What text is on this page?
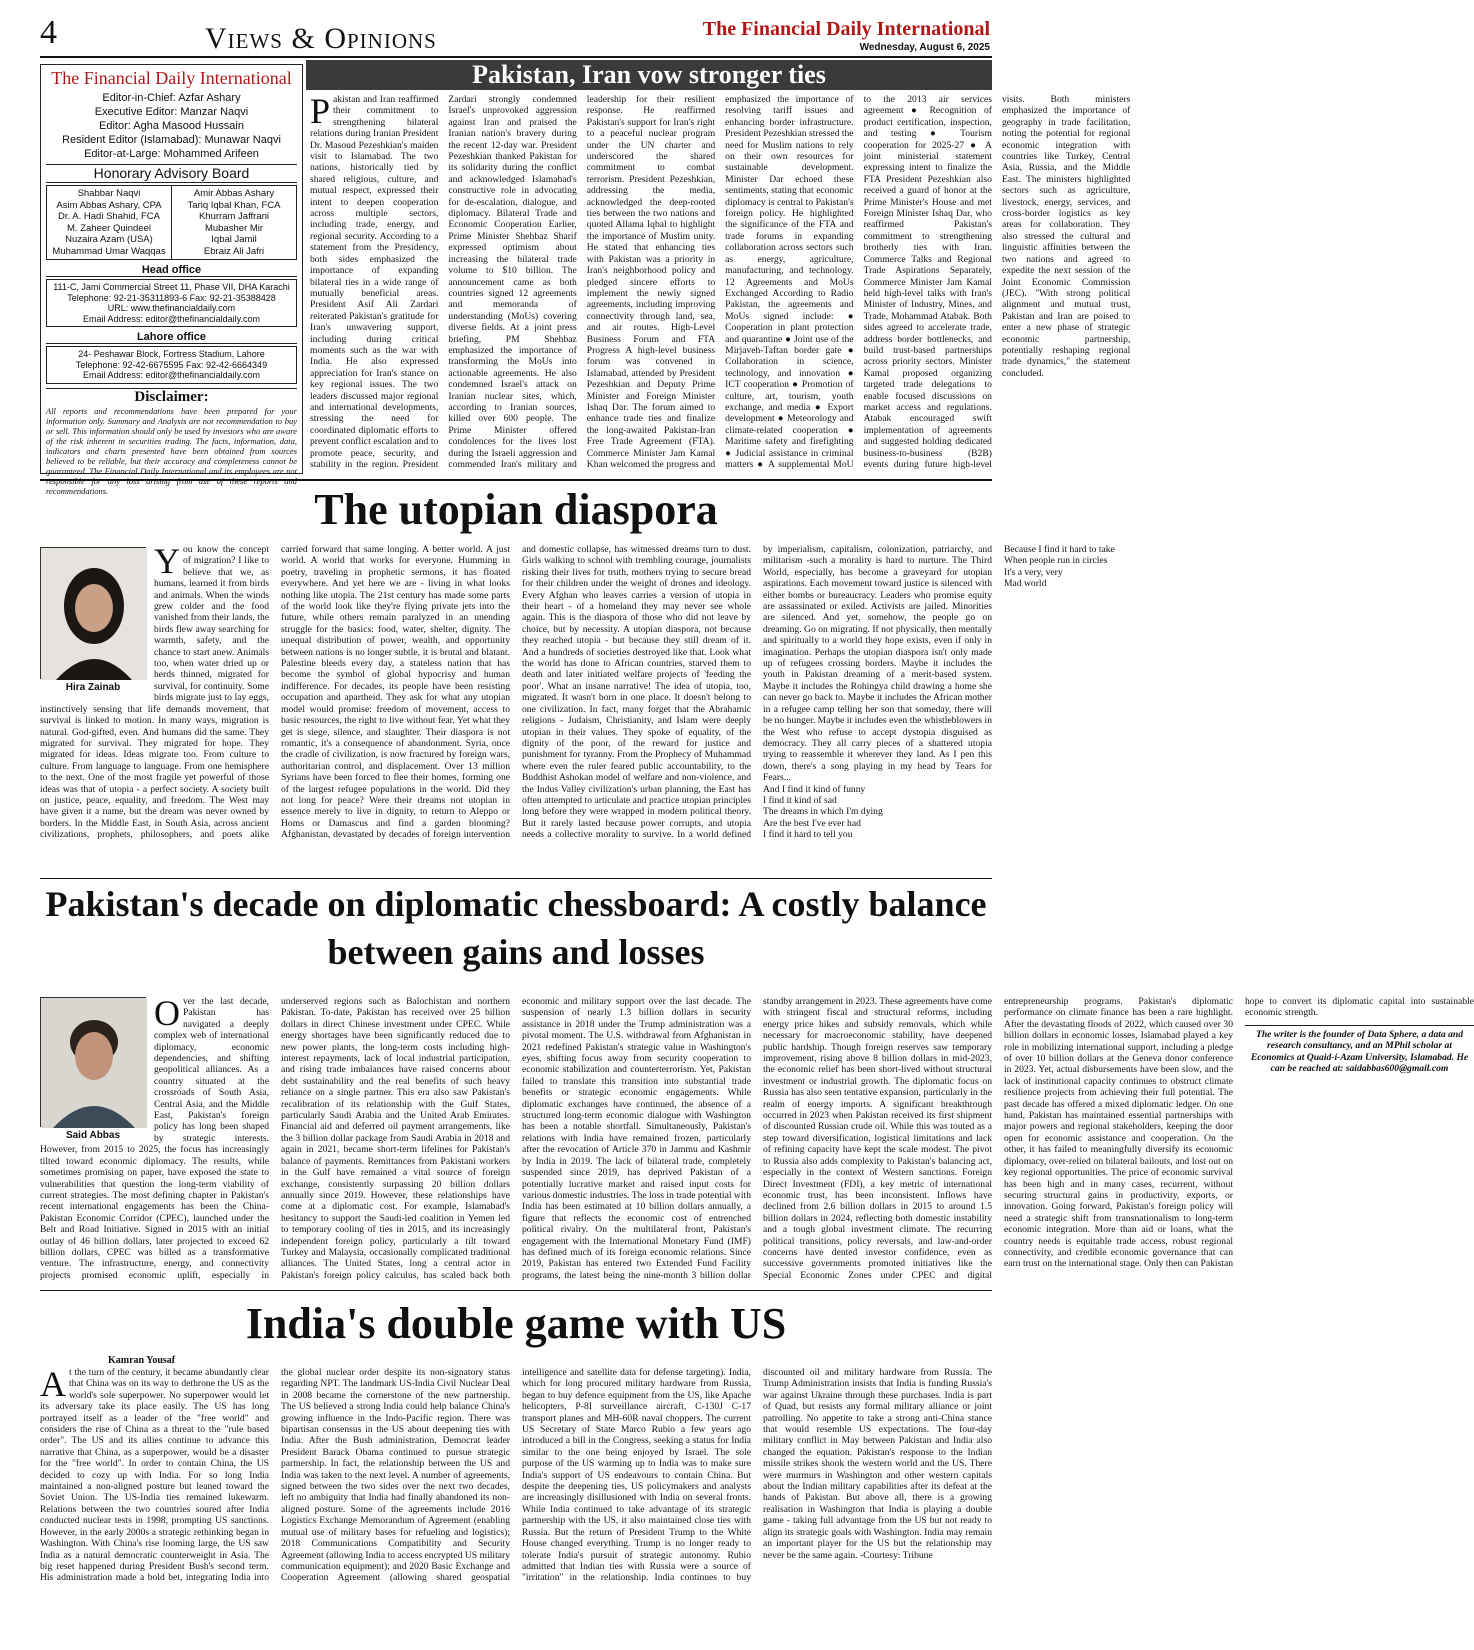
4	Views & Opinions	The Financial Daily International
Wednesday, August 6, 2025
The Financial Daily International
Editor-in-Chief: Azfar Ashary
Executive Editor: Manzar Naqvi
Editor: Agha Masood Hussain
Resident Editor (Islamabad): Munawar Naqvi
Editor-at-Large: Mohammed Arifeen
Honorary Advisory Board

Shabbar Naqvi

Asim Abbas Ashary, CPA

Dr. A. Hadi Shahid, FCA

M. Zaheer Quindeel

Nuzaira Azam (USA)

Muhammad Umar Waqqas

Amir Abbas Ashary

Tariq Iqbal Khan, FCA

Khurram Jaffrani

Mubasher Mir

Iqbal Jamil

Ebraiz Ali Jafri

Head office

111-C, Jami Commercial Street 11, Phase VII, DHA Karachi

Telephone: 92-21-35311893-6 Fax: 92-21-35388428

URL: www.thefinancialdaily.com

Email Address: editor@thefinancialdaily.com

Lahore office

24- Peshawar Block, Fortress Stadium, Lahore

Telephone: 92-42-6675595 Fax: 92-42-6664349

Email Address: editor@thefinancialdaily.com

Disclaimer:
All reports and recommendations have been prepared for your information only. Summary and Analysis are not recommendation to buy or sell. This information should only be used by investors who are aware of the risk inherent in securities trading. The facts, information, data, indicators and charts presented have been obtained from sources believed to be reliable, but their accuracy and completeness cannot be guaranteed. The Financial Daily International and its employees are not recommendations.
Pakistan, Iran vow stronger ties
Pakistan and Iran reaffirmed their commitment to strengthening bilateral relations during Iranian President Dr. Masoud Pezeshkian's maiden visit to Islamabad. The two nations, historically tied by shared religious, culture, and mutual respect, expressed their intent to deepen cooperation across multiple sectors, including trade, energy, and regional security. According to a statement from the Presidency, both sides emphasized the importance of expanding bilateral ties in a wide range of mutually beneficial areas. President Asif Ali Zardari reiterated Pakistan's gratitude for Iran's unwavering support, including during critical moments such as the war with India. He also expressed appreciation for Iran's stance on key regional issues. The two leaders discussed major regional and international developments, stressing the need for coordinated diplomatic efforts to prevent conflict escalation and to promote peace, security, and stability in the region. President Zardari strongly condemned Israel's unprovoked aggression against Iran and praised the Iranian nation's bravery during the recent 12-day war. President Pezeshkian thanked Pakistan for its solidarity during the conflict and acknowledged Islamabad's constructive role in advocating for de-escalation, dialogue, and diplomacy. Bilateral Trade and Economic Cooperation Earlier, Prime Minister Shehbaz Sharif expressed optimism about increasing the bilateral trade volume to $10 billion. The announcement came as both countries signed 12 agreements and memoranda of understanding (MoUs) covering diverse fields. At a joint press briefing, PM Shehbaz emphasized the importance of transforming the MoUs into actionable agreements. He also condemned Israel's attack on Iranian nuclear sites, which, according to Iranian sources, killed over 600 people. The Prime Minister offered condolences for the lives lost during the Israeli aggression and commended Iran's military and leadership for their resilient response. He reaffirmed Pakistan's support for Iran's right to a peaceful nuclear program under the UN charter and underscored the shared commitment to combat terrorism. President Pezeshkian, addressing the media, acknowledged the deep-rooted ties between the two nations and quoted Allama Iqbal to highlight the importance of Muslim unity. He stated that enhancing ties with Pakistan was a priority in Iran's neighborhood policy and pledged sincere efforts to implement the newly signed agreements, including improving connectivity through land, sea, and air routes. High-Level Business Forum and FTA Progress A high-level business forum was convened in Islamabad, attended by President Pezeshkian and Deputy Prime Minister and Foreign Minister Ishaq Dar. The forum aimed to enhance trade ties and finalize the long-awaited Pakistan-Iran Free Trade Agreement (FTA). Commerce Minister Jam Kamal Khan welcomed the progress and emphasized the importance of resolving tariff issues and enhancing border infrastructure. President Pezeshkian stressed the need for Muslim nations to rely on their own resources for sustainable development. Minister Dar echoed these sentiments, stating that economic diplomacy is central to Pakistan's foreign policy. He highlighted the significance of the FTA and trade forums in expanding collaboration across sectors such as energy, agriculture, manufacturing, and technology. 12 Agreements and MoUs Exchanged According to Radio Pakistan, the agreements and MoUs signed include: ● Cooperation in plant protection and quarantine ● Joint use of the Mirjaveh-Taftan border gate ● Collaboration in science, technology, and innovation ● ICT cooperation ● Promotion of culture, art, tourism, youth exchange, and media ● Export development ● Meteorology and climate-related cooperation ● Maritime safety and firefighting ● Judicial assistance in criminal matters ● A supplemental MoU to the 2013 air services agreement ● Recognition of product certification, inspection, and testing ● Tourism cooperation for 2025-27 ● A joint ministerial statement expressing intent to finalize the FTA President Pezeshkian also received a guard of honor at the Prime Minister's House and met Foreign Minister Ishaq Dar, who reaffirmed Pakistan's commitment to strengthening brotherly ties with Iran. Commerce Talks and Regional Trade Aspirations Separately, Commerce Minister Jam Kamal held high-level talks with Iran's Minister of Industry, Mines, and Trade, Mohammad Atabak. Both sides agreed to accelerate trade, address border bottlenecks, and build trust-based partnerships across priority sectors. Minister Kamal proposed organizing targeted trade delegations to enable focused discussions on market access and regulations. Atabak encouraged swift implementation of agreements and suggested holding dedicated business-to-business (B2B) events during future high-level visits. Both ministers emphasized the importance of geography in trade facilitation, noting the potential for regional economic integration with countries like Turkey, Central Asia, Russia, and the Middle East. The ministers highlighted sectors such as agriculture, livestock, energy, services, and cross-border logistics as key areas for collaboration. They also stressed the cultural and linguistic affinities between the two nations and agreed to expedite the next session of the Joint Economic Commission (JEC). "With strong political alignment and mutual trust, Pakistan and Iran are poised to enter a new phase of strategic economic partnership, potentially reshaping regional trade dynamics," the statement concluded.
The utopian diaspora
Hira Zainab
You know the concept of migration? I like to believe that we, as humans, learned it from birds and animals. When the winds grew colder and the food vanished from their lands, the birds flew away searching for warmth, safety, and the chance to start anew. Animals too, when water dried up or herds thinned, migrated for survival, for continuity. Some birds migrate just to lay eggs, instinctively sensing that life demands movement, that survival is linked to motion. In many ways, migration is natural. God-gifted, even. And humans did the same. They migrated for survival. They migrated for hope. They migrated for ideas. Ideas migrate too. From culture to culture. From language to language. From one hemisphere to the next. One of the most fragile yet powerful of those ideas was that of utopia - a perfect society. A society built on justice, peace, equality, and freedom. The West may have given it a name, but the dream was never owned by borders. In the Middle East, in South Asia, across ancient civilizations, prophets, philosophers, and poets alike carried forward that same longing. A better world. A just world. A world that works for everyone. Humming in poetry, traveling in prophetic sermons, it has floated everywhere. And yet here we are - living in what looks nothing like utopia. The 21st century has made some parts of the world look like they're flying private jets into the future, while others remain paralyzed in an unending struggle for the basics: food, water, shelter, dignity. The unequal distribution of power, wealth, and opportunity between nations is no longer subtle, it is brutal and blatant. Palestine bleeds every day, a stateless nation that has become the symbol of global hypocrisy and human indifference. For decades, its people have been resisting occupation and apartheid. They ask for what any utopian model would promise: freedom of movement, access to basic resources, the right to live without fear. Yet what they get is siege, silence, and slaughter. Their diaspora is not romantic, it's a consequence of abandonment. Syria, once the cradle of civilization, is now fractured by foreign wars, authoritarian control, and displacement. Over 13 million Syrians have been forced to flee their homes, forming one of the largest refugee populations in the world. Did they not long for peace? Were their dreams not utopian in essence merely to live in dignity, to return to Aleppo or Homs or Damascus and find a garden blooming? Afghanistan, devastated by decades of foreign intervention and domestic collapse, has witnessed dreams turn to dust. Girls walking to school with trembling courage, journalists risking their lives for truth, mothers trying to secure bread for their children under the weight of drones and ideology. Every Afghan who leaves carries a version of utopia in their heart - of a homeland they may never see whole again. This is the diaspora of those who did not leave by choice, but by necessity. A utopian diaspora, not because they reached utopia - but because they still dream of it. And a hundreds of societies destroyed like that. Look what the world has done to African countries, starved them to death and later initiated welfare projects of 'feeding the poor'. What an insane narrative! The idea of utopia, too, migrated. It wasn't born in one place. It doesn't belong to one civilization. In fact, many forget that the Abrahamic religions - Judaism, Christianity, and Islam were deeply utopian in their values. They spoke of equality, of the dignity of the poor, of the reward for justice and punishment for tyranny. From the Prophecy of Muhammad where even the ruler feared public accountability, to the Buddhist Ashokan model of welfare and non-violence, and the Indus Valley civilization's urban planning, the East has often attempted to articulate and practice utopian principles long before they were wrapped in modern political theory. But it rarely lasted because power corrupts, and utopia needs a collective morality to survive. In a world defined by imperialism, capitalism, colonization, patriarchy, and militarism -such a morality is hard to nurture. The Third World, especially, has become a graveyard for utopian aspirations. Each movement toward justice is silenced with either bombs or bureaucracy. Leaders who promise equity are assassinated or exiled. Activists are jailed. Minorities are silenced. And yet, somehow, the people go on dreaming. Go on migrating. If not physically, then mentally and spiritually to a world they hope exists, even if only in imagination. Perhaps the utopian diaspora isn't only made up of refugees crossing borders. Maybe it includes the youth in Pakistan dreaming of a merit-based system. Maybe it includes the Rohingya child drawing a home she can never go back to. Maybe it includes the African mother in a refugee camp telling her son that someday, there will be no hunger. Maybe it includes even the whistleblowers in the West who refuse to accept dystopia disguised as democracy. They all carry pieces of a shattered utopia trying to reassemble it wherever they land. As I pen this down, there's a song playing in my head by Tears for Fears...

And I find it kind of funny

I find it kind of sad

The dreams in which I'm dying

Are the best I've ever had

I find it hard to tell you

Because I find it hard to take

When people run in circles

It's a very, very

Mad world

Pakistan's decade on diplomatic chessboard: A costly balance between gains and losses
Said Abbas
Over the last decade, Pakistan has navigated a deeply complex web of international diplomacy, economic dependencies, and shifting geopolitical alliances. As a country situated at the crossroads of South Asia, Central Asia, and the Middle East, Pakistan's foreign policy has long been shaped by strategic interests. However, from 2015 to 2025, the focus has increasingly tilted toward economic diplomacy. The results, while sometimes promising on paper, have exposed the state to vulnerabilities that question the long-term viability of current strategies. The most defining chapter in Pakistan's recent international engagements has been the China-Pakistan Economic Corridor (CPEC), launched under the Belt and Road Initiative. Signed in 2015 with an initial outlay of 46 billion dollars, later projected to exceed 62 billion dollars, CPEC was billed as a transformative venture. The infrastructure, energy, and connectivity projects promised economic uplift, especially in underserved regions such as Balochistan and northern Pakistan. To-date, Pakistan has received over 25 billion dollars in direct Chinese investment under CPEC. While energy shortages have been significantly reduced due to new power plants, the long-term costs including high-interest repayments, lack of local industrial participation, and rising trade imbalances have raised concerns about debt sustainability and the real benefits of such heavy reliance on a single partner. This era also saw Pakistan's recalibration of its relationship with the Gulf States, particularly Saudi Arabia and the United Arab Emirates. Financial aid and deferred oil payment arrangements, like the 3 billion dollar package from Saudi Arabia in 2018 and again in 2021, became short-term lifelines for Pakistan's balance of payments. Remittances from Pakistani workers in the Gulf have remained a vital source of foreign exchange, consistently surpassing 20 billion dollars annually since 2019. However, these relationships have come at a diplomatic cost. For example, Islamabad's hesitancy to support the Saudi-led coalition in Yemen led to temporary cooling of ties in 2015, and its increasingly independent foreign policy, particularly a tilt toward Turkey and Malaysia, occasionally complicated traditional alliances. The United States, long a central actor in Pakistan's foreign policy calculus, has scaled back both economic and military support over the last decade. The suspension of nearly 1.3 billion dollars in security assistance in 2018 under the Trump administration was a pivotal moment. The U.S. withdrawal from Afghanistan in 2021 redefined Pakistan's strategic value in Washington's eyes, shifting focus away from security cooperation to economic stabilization and counterterrorism. Yet, Pakistan failed to translate this transition into substantial trade benefits or strategic economic engagements. While diplomatic exchanges have continued, the absence of a structured long-term economic dialogue with Washington has been a notable shortfall. Simultaneously, Pakistan's relations with India have remained frozen, particularly after the revocation of Article 370 in Jammu and Kashmir by India in 2019. The lack of bilateral trade, completely suspended since 2019, has deprived Pakistan of a potentially lucrative market and raised input costs for various domestic industries. The loss in trade potential with India has been estimated at 10 billion dollars annually, a figure that reflects the economic cost of entrenched political rivalry. On the multilateral front, Pakistan's engagement with the International Monetary Fund (IMF) has defined much of its foreign economic relations. Since 2019, Pakistan has entered two Extended Fund Facility programs, the latest being the nine-month 3 billion dollar standby arrangement in 2023. These agreements have come with stringent fiscal and structural reforms, including energy price hikes and subsidy removals, which while necessary for macroeconomic stability, have deepened public hardship. Though foreign reserves saw temporary improvement, rising above 8 billion dollars in mid-2023, the economic relief has been short-lived without structural investment or industrial growth. The diplomatic focus on Russia has also seen tentative expansion, particularly in the realm of energy imports. A significant breakthrough occurred in 2023 when Pakistan received its first shipment of discounted Russian crude oil. While this was touted as a step toward diversification, logistical limitations and lack of refining capacity have kept the scale modest. The pivot to Russia also adds complexity to Pakistan's balancing act, especially in the context of Western sanctions. Foreign Direct Investment (FDI), a key metric of international economic trust, has been inconsistent. Inflows have declined from 2.6 billion dollars in 2015 to around 1.5 billion dollars in 2024, reflecting both domestic instability and a tough global investment climate. The recurring political transitions, policy reversals, and law-and-order concerns have dented investor confidence, even as successive governments promoted initiatives like the Special Economic Zones under CPEC and digital entrepreneurship programs. Pakistan's diplomatic performance on climate finance has been a rare highlight. After the devastating floods of 2022, which caused over 30 billion dollars in economic losses, Islamabad played a key role in mobilizing international support, including a pledge of over 10 billion dollars at the Geneva donor conference in 2023. Yet, actual disbursements have been slow, and the lack of institutional capacity continues to obstruct climate resilience projects from achieving their full potential. The past decade has offered a mixed diplomatic ledger. On one hand, Pakistan has maintained essential partnerships with major powers and regional stakeholders, keeping the door open for economic assistance and cooperation. On the other, it has failed to meaningfully diversify its economic diplomacy, over-relied on bilateral bailouts, and lost out on key regional opportunities. The price of economic survival has been high and in many cases, recurrent, without securing structural gains in productivity, exports, or innovation. Going forward, Pakistan's foreign policy will need a strategic shift from transnationalism to long-term economic integration. More than aid or loans, what the country needs is equitable trade access, robust regional connectivity, and credible economic governance that can earn trust on the international stage. Only then can Pakistan hope to convert its diplomatic capital into sustainable economic strength.
The writer is the founder of Data Sphere, a data and research consultancy, and an MPhil scholar at Economics at Quaid-i-Azam University, Islamabad. He can be reached at: saidabbas600@gmail.com
India's double game with US
Kamran Yousaf
At the turn of the century, it became abundantly clear that China was on its way to dethrone the US as the world's sole superpower. No superpower would let its adversary take its place easily. The US has long portrayed itself as a leader of the "free world" and considers the rise of China as a threat to the "rule based order". The US and its allies continue to advance this narrative that China, as a superpower, would be a disaster for the "free world". In order to contain China, the US decided to cozy up with India. For so long India maintained a non-aligned posture but leaned toward the Soviet Union. The US-India ties remained lukewarm. Relations between the two countries soured after India conducted nuclear tests in 1998, prompting US sanctions. However, in the early 2000s a strategic rethinking began in Washington. With China's rise looming large, the US saw India as a natural democratic counterweight in Asia. The big reset happened during President Bush's second term. His administration made a bold bet, integrating India into the global nuclear order despite its non-signatory status regarding NPT. The landmark US-India Civil Nuclear Deal in 2008 became the cornerstone of the new partnership. The US believed a strong India could help balance China's growing influence in the Indo-Pacific region. There was bipartisan consensus in the US about deepening ties with India. After the Bush administration, Democrat leader President Barack Obama continued to pursue strategic partnership. In fact, the relationship between the US and India was taken to the next level. A number of agreements, signed between the two sides over the next two decades, left no ambiguity that India had finally abandoned its non-aligned posture. Some of the agreements include 2016 Logistics Exchange Memorandum of Agreement (enabling mutual use of military bases for refueling and logistics); 2018 Communications Compatibility and Security Agreement (allowing India to access encrypted US military communication equipment); and 2020 Basic Exchange and Cooperation Agreement (allowing shared geospatial intelligence and satellite data for defense targeting). India, which for long procured military hardware from Russia, began to buy defence equipment from the US, like Apache helicopters, P-8I surveillance aircraft, C-130J C-17 transport planes and MH-60R naval choppers. The current US Secretary of State Marco Rubio a few years ago introduced a bill in the Congress, seeking a status for India similar to the one being enjoyed by Israel. The sole purpose of the US warming up to India was to make sure India's support of US endeavours to contain China. But despite the deepening ties, US policymakers and analysts are increasingly disillusioned with India on several fronts. While India continued to take advantage of its strategic partnership with the US, it also maintained close ties with Russia. But the return of President Trump to the White House changed everything. Trump is no longer ready to tolerate India's pursuit of strategic autonomy. Rubio admitted that Indian ties with Russia were a source of "irritation" in the relationship. India continues to buy discounted oil and military hardware from Russia. The Trump Administration insists that India is funding Russia's war against Ukraine through these purchases. India is part of Quad, but resists any formal military alliance or joint patrolling. No appetite to take a strong anti-China stance that would resemble US expectations. The four-day military conflict in May between Pakistan and India also changed the equation. Pakistan's response to the Indian missile strikes shook the western world and the US. There were murmurs in Washington and other western capitals about the Indian military capabilities after its defeat at the hands of Pakistan. But above all, there is a growing realisation in Washington that India is playing a double game - taking full advantage from the US but not ready to align its strategic goals with Washington. India may remain an important player for the US but the relationship may never be the same again. -Courtesy: Tribune
